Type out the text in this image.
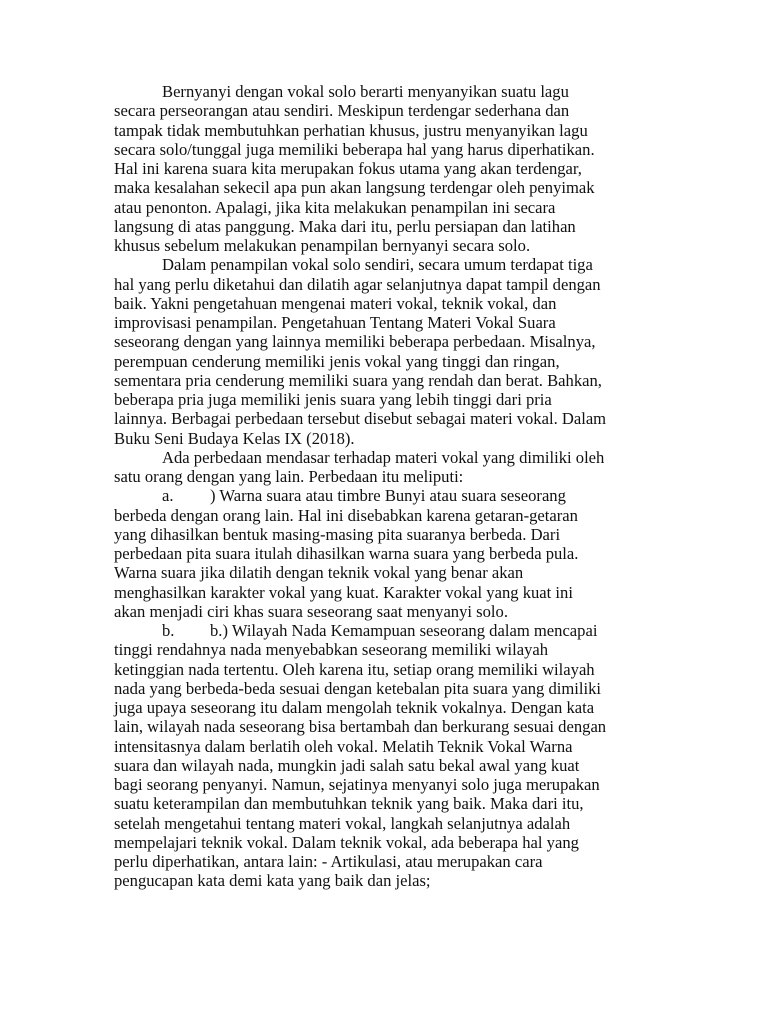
Bernyanyi dengan vokal solo berarti menyanyikan suatu lagu
secara perseorangan atau sendiri. Meskipun terdengar sederhana dan
tampak tidak membutuhkan perhatian khusus, justru menyanyikan lagu
secara solo/tunggal juga memiliki beberapa hal yang harus diperhatikan.
Hal ini karena suara kita merupakan fokus utama yang akan terdengar,
maka kesalahan sekecil apa pun akan langsung terdengar oleh penyimak
atau penonton. Apalagi, jika kita melakukan penampilan ini secara
langsung di atas panggung. Maka dari itu, perlu persiapan dan latihan
khusus sebelum melakukan penampilan bernyanyi secara solo.
Dalam penampilan vokal solo sendiri, secara umum terdapat tiga
hal yang perlu diketahui dan dilatih agar selanjutnya dapat tampil dengan
baik. Yakni pengetahuan mengenai materi vokal, teknik vokal, dan
improvisasi penampilan. Pengetahuan Tentang Materi Vokal Suara
seseorang dengan yang lainnya memiliki beberapa perbedaan. Misalnya,
perempuan cenderung memiliki jenis vokal yang tinggi dan ringan,
sementara pria cenderung memiliki suara yang rendah dan berat. Bahkan,
beberapa pria juga memiliki jenis suara yang lebih tinggi dari pria
lainnya. Berbagai perbedaan tersebut disebut sebagai materi vokal. Dalam
Buku Seni Budaya Kelas IX (2018).
Ada perbedaan mendasar terhadap materi vokal yang dimiliki oleh
satu orang dengan yang lain. Perbedaan itu meliputi:
a. ) Warna suara atau timbre Bunyi atau suara seseorang
berbeda dengan orang lain. Hal ini disebabkan karena getaran-getaran
yang dihasilkan bentuk masing-masing pita suaranya berbeda. Dari
perbedaan pita suara itulah dihasilkan warna suara yang berbeda pula.
Warna suara jika dilatih dengan teknik vokal yang benar akan
menghasilkan karakter vokal yang kuat. Karakter vokal yang kuat ini
akan menjadi ciri khas suara seseorang saat menyanyi solo.
b. b.) Wilayah Nada Kemampuan seseorang dalam mencapai
tinggi rendahnya nada menyebabkan seseorang memiliki wilayah
ketinggian nada tertentu. Oleh karena itu, setiap orang memiliki wilayah
nada yang berbeda-beda sesuai dengan ketebalan pita suara yang dimiliki
juga upaya seseorang itu dalam mengolah teknik vokalnya. Dengan kata
lain, wilayah nada seseorang bisa bertambah dan berkurang sesuai dengan
intensitasnya dalam berlatih oleh vokal. Melatih Teknik Vokal Warna
suara dan wilayah nada, mungkin jadi salah satu bekal awal yang kuat
bagi seorang penyanyi. Namun, sejatinya menyanyi solo juga merupakan
suatu keterampilan dan membutuhkan teknik yang baik. Maka dari itu,
setelah mengetahui tentang materi vokal, langkah selanjutnya adalah
mempelajari teknik vokal. Dalam teknik vokal, ada beberapa hal yang
perlu diperhatikan, antara lain: - Artikulasi, atau merupakan cara
pengucapan kata demi kata yang baik dan jelas;
